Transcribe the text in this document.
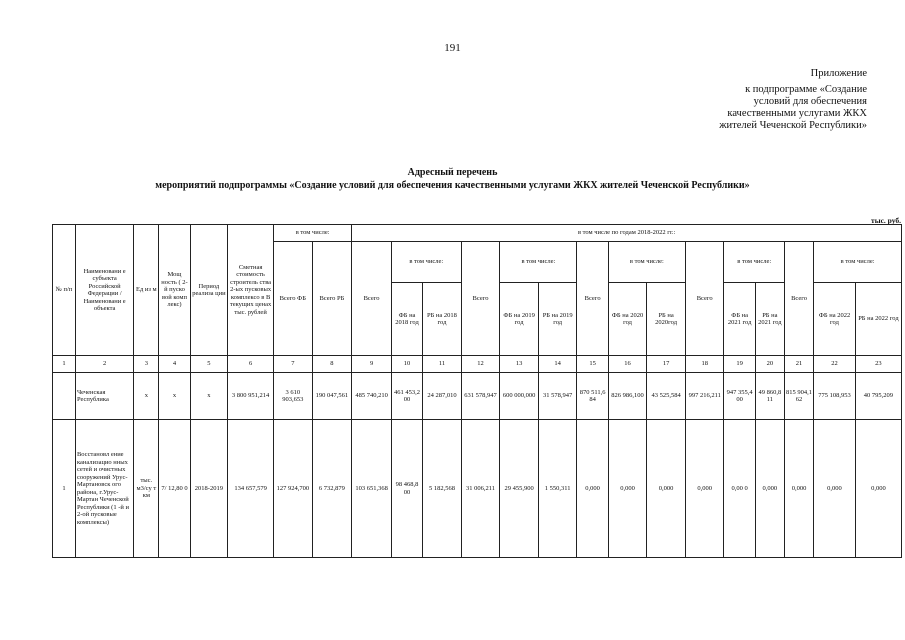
191
Приложение
к подпрограмме «Создание
условий для обеспечения
качественными услугами ЖКХ
жителей Чеченской Республики»
Адресный перечень
мероприятий подпрограммы «Создание условий для обеспечения качественными услугами ЖКХ жителей Чеченской Республики»
тыс. руб.
№ п/п	Наименовани е субъекта Российской Федерации / Наименовани е объекта	Ед из м	Мощ ность ( 2-й пуско вой комп лекс)	Период реализа ции	Сметная стоимость строитель ства 2-ых пусковых комплексо в В текущих ценах тыс. рублей	в том числе:		в том числе по годам 2018-2022 гг.:														
						Всего ФБ	Всего РБ	Всего	в том числе:		Всего	в том числе:		Всего	в том числе:		Всего	в том числе:		Всего	в том числе:	
									ФБ на 2018 год	РБ на 2018 год		ФБ на 2019 год	РБ на 2019 год		ФБ на 2020 год	РБ на 2020год		ФБ на 2021 год	РБ на 2021 год		ФБ на 2022 год	РБ на 2022 год
1	2	3	4	5	6	7	8	9	10	11	12	13	14	15	16	17	18	19	20	21	22	23
	Чеченская Республика	х	х	х	3 800 951,214	3 610 903,653	190 047,561	485 740,210	461 453,2 00	24 287,010	631 578,947	600 000,000	31 578,947	870 511,6 84	826 986,100	43 525,584	997 216,211	947 355,4 00	49 860,8 11	815 904,1 62	775 108,953	40 795,209
1	Восстановл ение канализацио нных сетей и очистных сооружений Урус-Мартановск ого района, г.Урус-Мартан Чеченской Республики (1 -й и 2-ой пусковые комплексы)	тыс. м3/су т км	7/ 12,80 0	2018-2019	134 657,579	127 924,700	6 732,879	103 651,368	98 468,8 00	5 182,568	31 006,211	29 455,900	1 550,311	0,000	0,000	0,000	0,000	0,00 0	0,000	0,000	0,000	0,000
